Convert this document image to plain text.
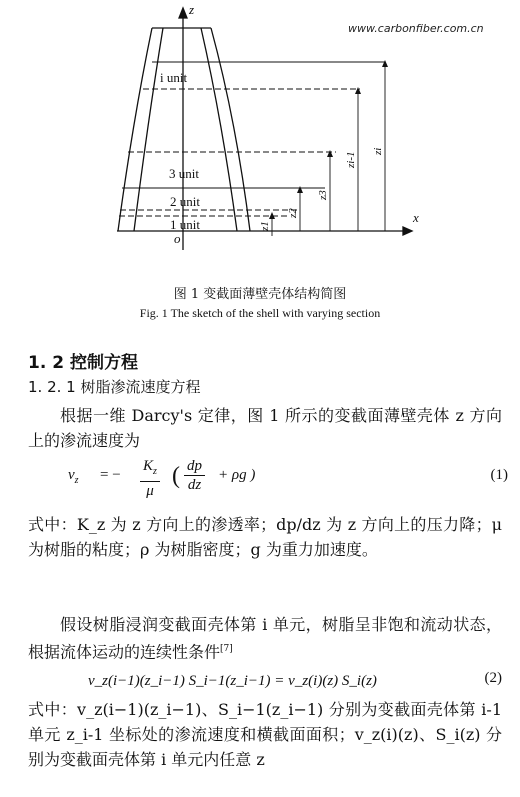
www.carbonfiber.com.cn
z
x
o
i unit
3 unit
2 unit
1 unit	z1
z2
z3
zi-1
zi
图 1 变截面薄壁壳体结构简图
Fig. 1 The sketch of the shell with varying section
1. 2 控制方程
1. 2. 1 树脂渗流速度方程
根据一维 Darcy's 定律，图 1 所示的变截面薄壁壳体 z 方向上的渗流速度为
$v_z$ = − $\frac{K_z}{\mu}$ ( $\frac{dp}{dz} + \rho g$ )	(1)
式中：K_z 为 z 方向上的渗透率；dp/dz 为 z 方向上的压力降；μ 为树脂的粘度；ρ 为树脂密度；g 为重力加速度。
假设树脂浸润变截面壳体第 i 单元，树脂呈非饱和流动状态，根据流体运动的连续性条件[7]
v_z(i−1)(z_i−1) S_i−1(z_i−1) = v_z(i)(z) S_i(z)	(2)
式中：v_z(i−1)(z_i−1)、S_i−1(z_i−1) 分别为变截面壳体第 i-1 单元 z_i-1 坐标处的渗流速度和横截面面积；v_z(i)(z)、S_i(z) 分别为变截面壳体第 i 单元内任意 z
